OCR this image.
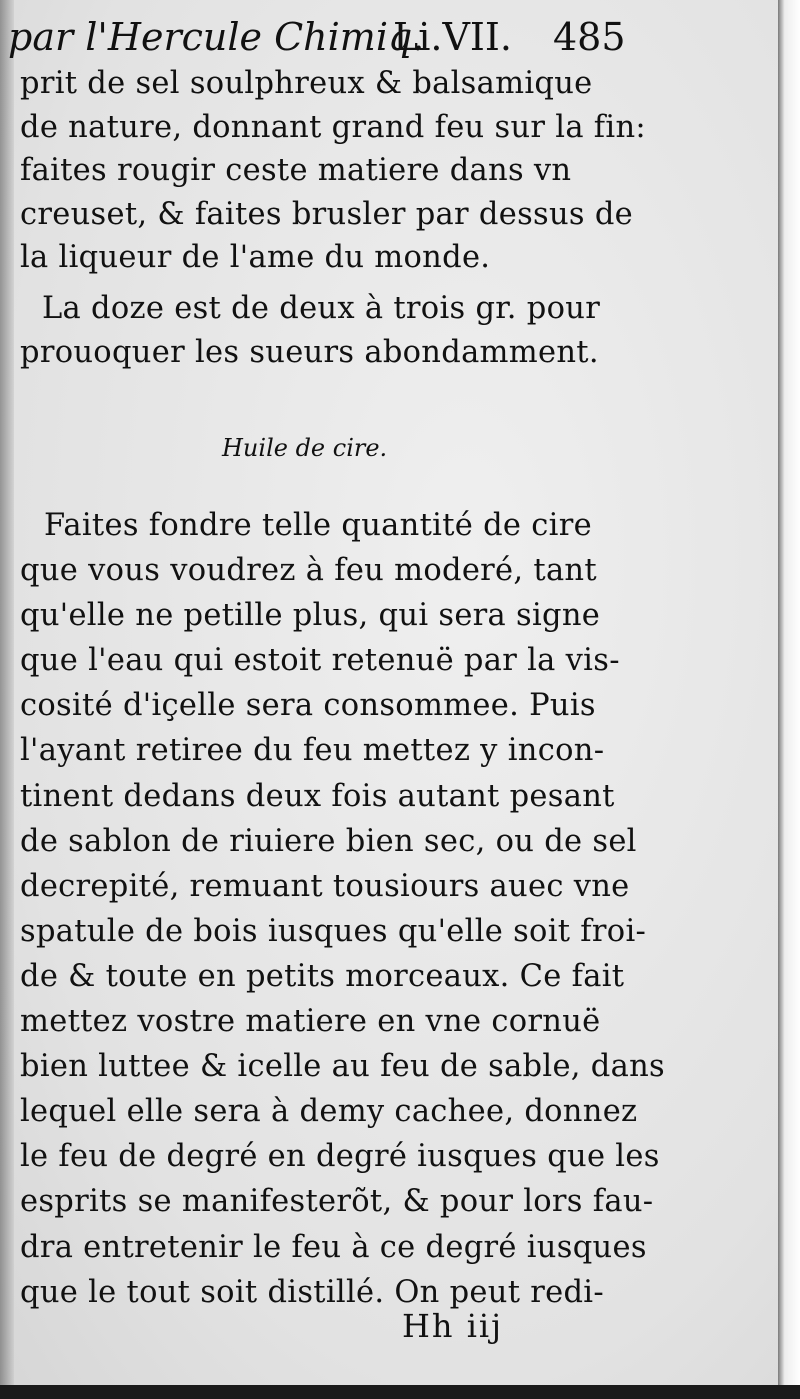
par l'Hercule Chimiq.
Li.VII. 485
prit de sel soulphreux & balsamique
de nature, donnant grand feu sur la fin:
faites rougir ceste matiere dans vn
creuset, & faites brusler par dessus de
la liqueur de l'ame du monde.
La doze est de deux à trois gr. pour
prouoquer les sueurs abondamment.
Huile de cire.
Faites fondre telle quantité de cire
que vous voudrez à feu moderé, tant
qu'elle ne petille plus, qui sera signe
que l'eau qui estoit retenuë par la vis-
cosité d'içelle sera consommee. Puis
l'ayant retiree du feu mettez y incon-
tinent dedans deux fois autant pesant
de sablon de riuiere bien sec, ou de sel
decrepité, remuant tousiours auec vne
spatule de bois iusques qu'elle soit froi-
de & toute en petits morceaux. Ce fait
mettez vostre matiere en vne cornuë
bien luttee & icelle au feu de sable, dans
lequel elle sera à demy cachee, donnez
le feu de degré en degré iusques que les
esprits se manifesterõt, & pour lors fau-
dra entretenir le feu à ce degré iusques
que le tout soit distillé. On peut redi-
Hh iij
